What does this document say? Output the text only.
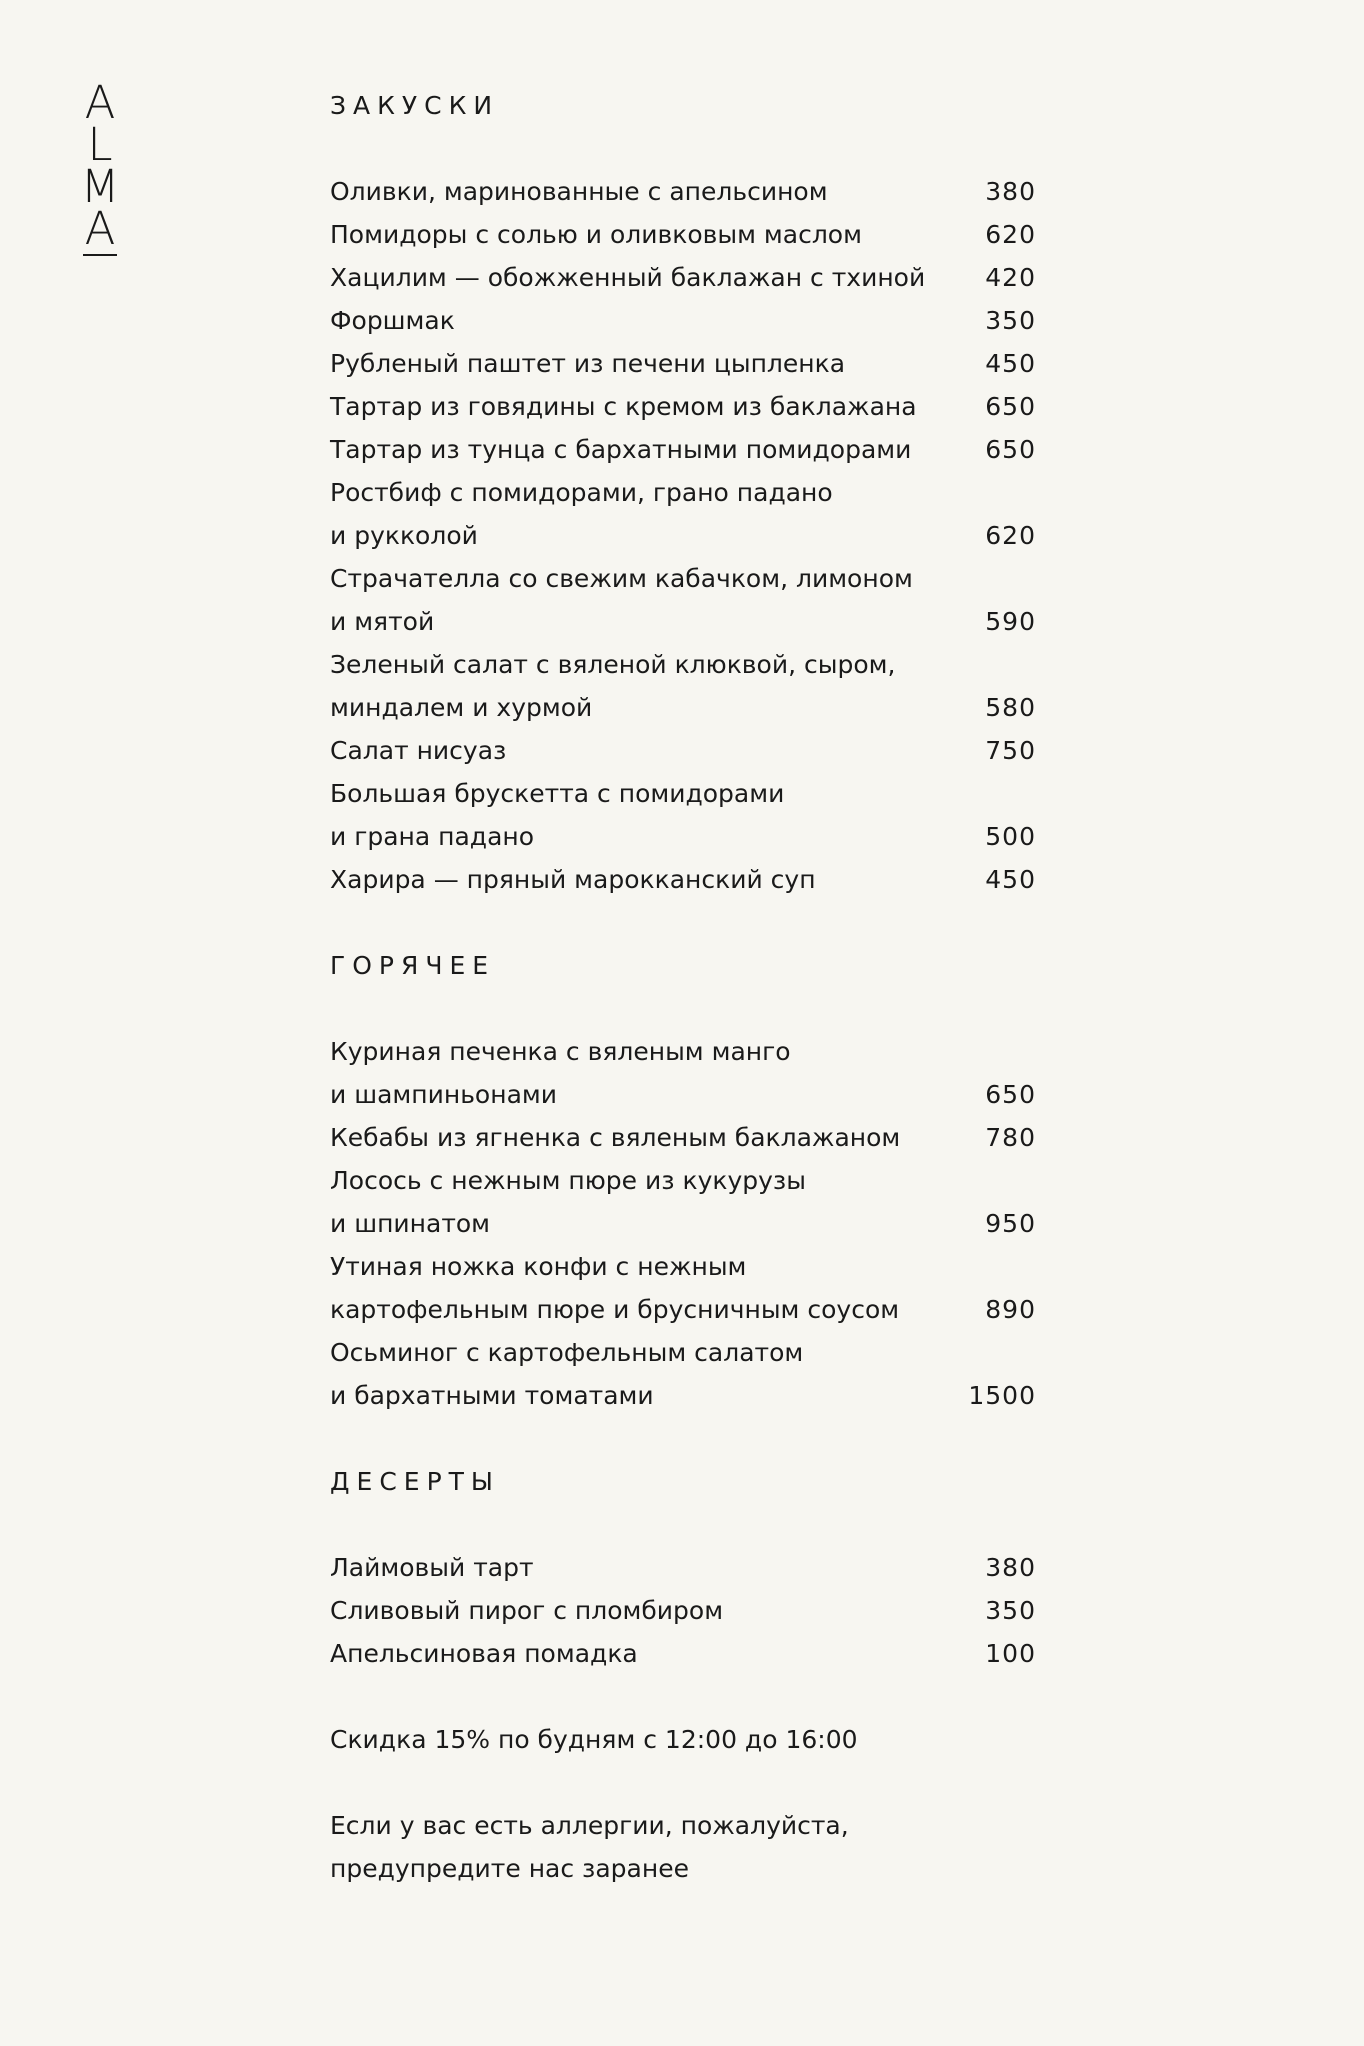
A
L
M
A
ЗАКУСКИ
Оливки, маринованные с апельсином	380
Помидоры с солью и оливковым маслом	620
Хацилим — обожженный баклажан с тхиной	420
Форшмак	350
Рубленый паштет из печени цыпленка	450
Тартар из говядины с кремом из баклажана	650
Тартар из тунца с бархатными помидорами	650
Ростбиф с помидорами, грано падано
и рукколой	620
Страчателла со свежим кабачком, лимоном
и мятой	590
Зеленый салат с вяленой клюквой, сыром,
миндалем и хурмой	580
Салат нисуаз	750
Большая брускетта с помидорами
и грана падано	500
Харира — пряный марокканский суп	450
ГОРЯЧЕЕ
Куриная печенка с вяленым манго
и шампиньонами	650
Кебабы из ягненка с вяленым баклажаном	780
Лосось с нежным пюре из кукурузы
и шпинатом	950
Утиная ножка конфи с нежным
картофельным пюре и брусничным соусом	890
Осьминог с картофельным салатом
и бархатными томатами	1500
ДЕСЕРТЫ
Лаймовый тарт	380
Сливовый пирог с пломбиром	350
Апельсиновая помадка	100
Скидка 15% по будням с 12:00 до 16:00
Если у вас есть аллергии, пожалуйста,
предупредите нас заранее
